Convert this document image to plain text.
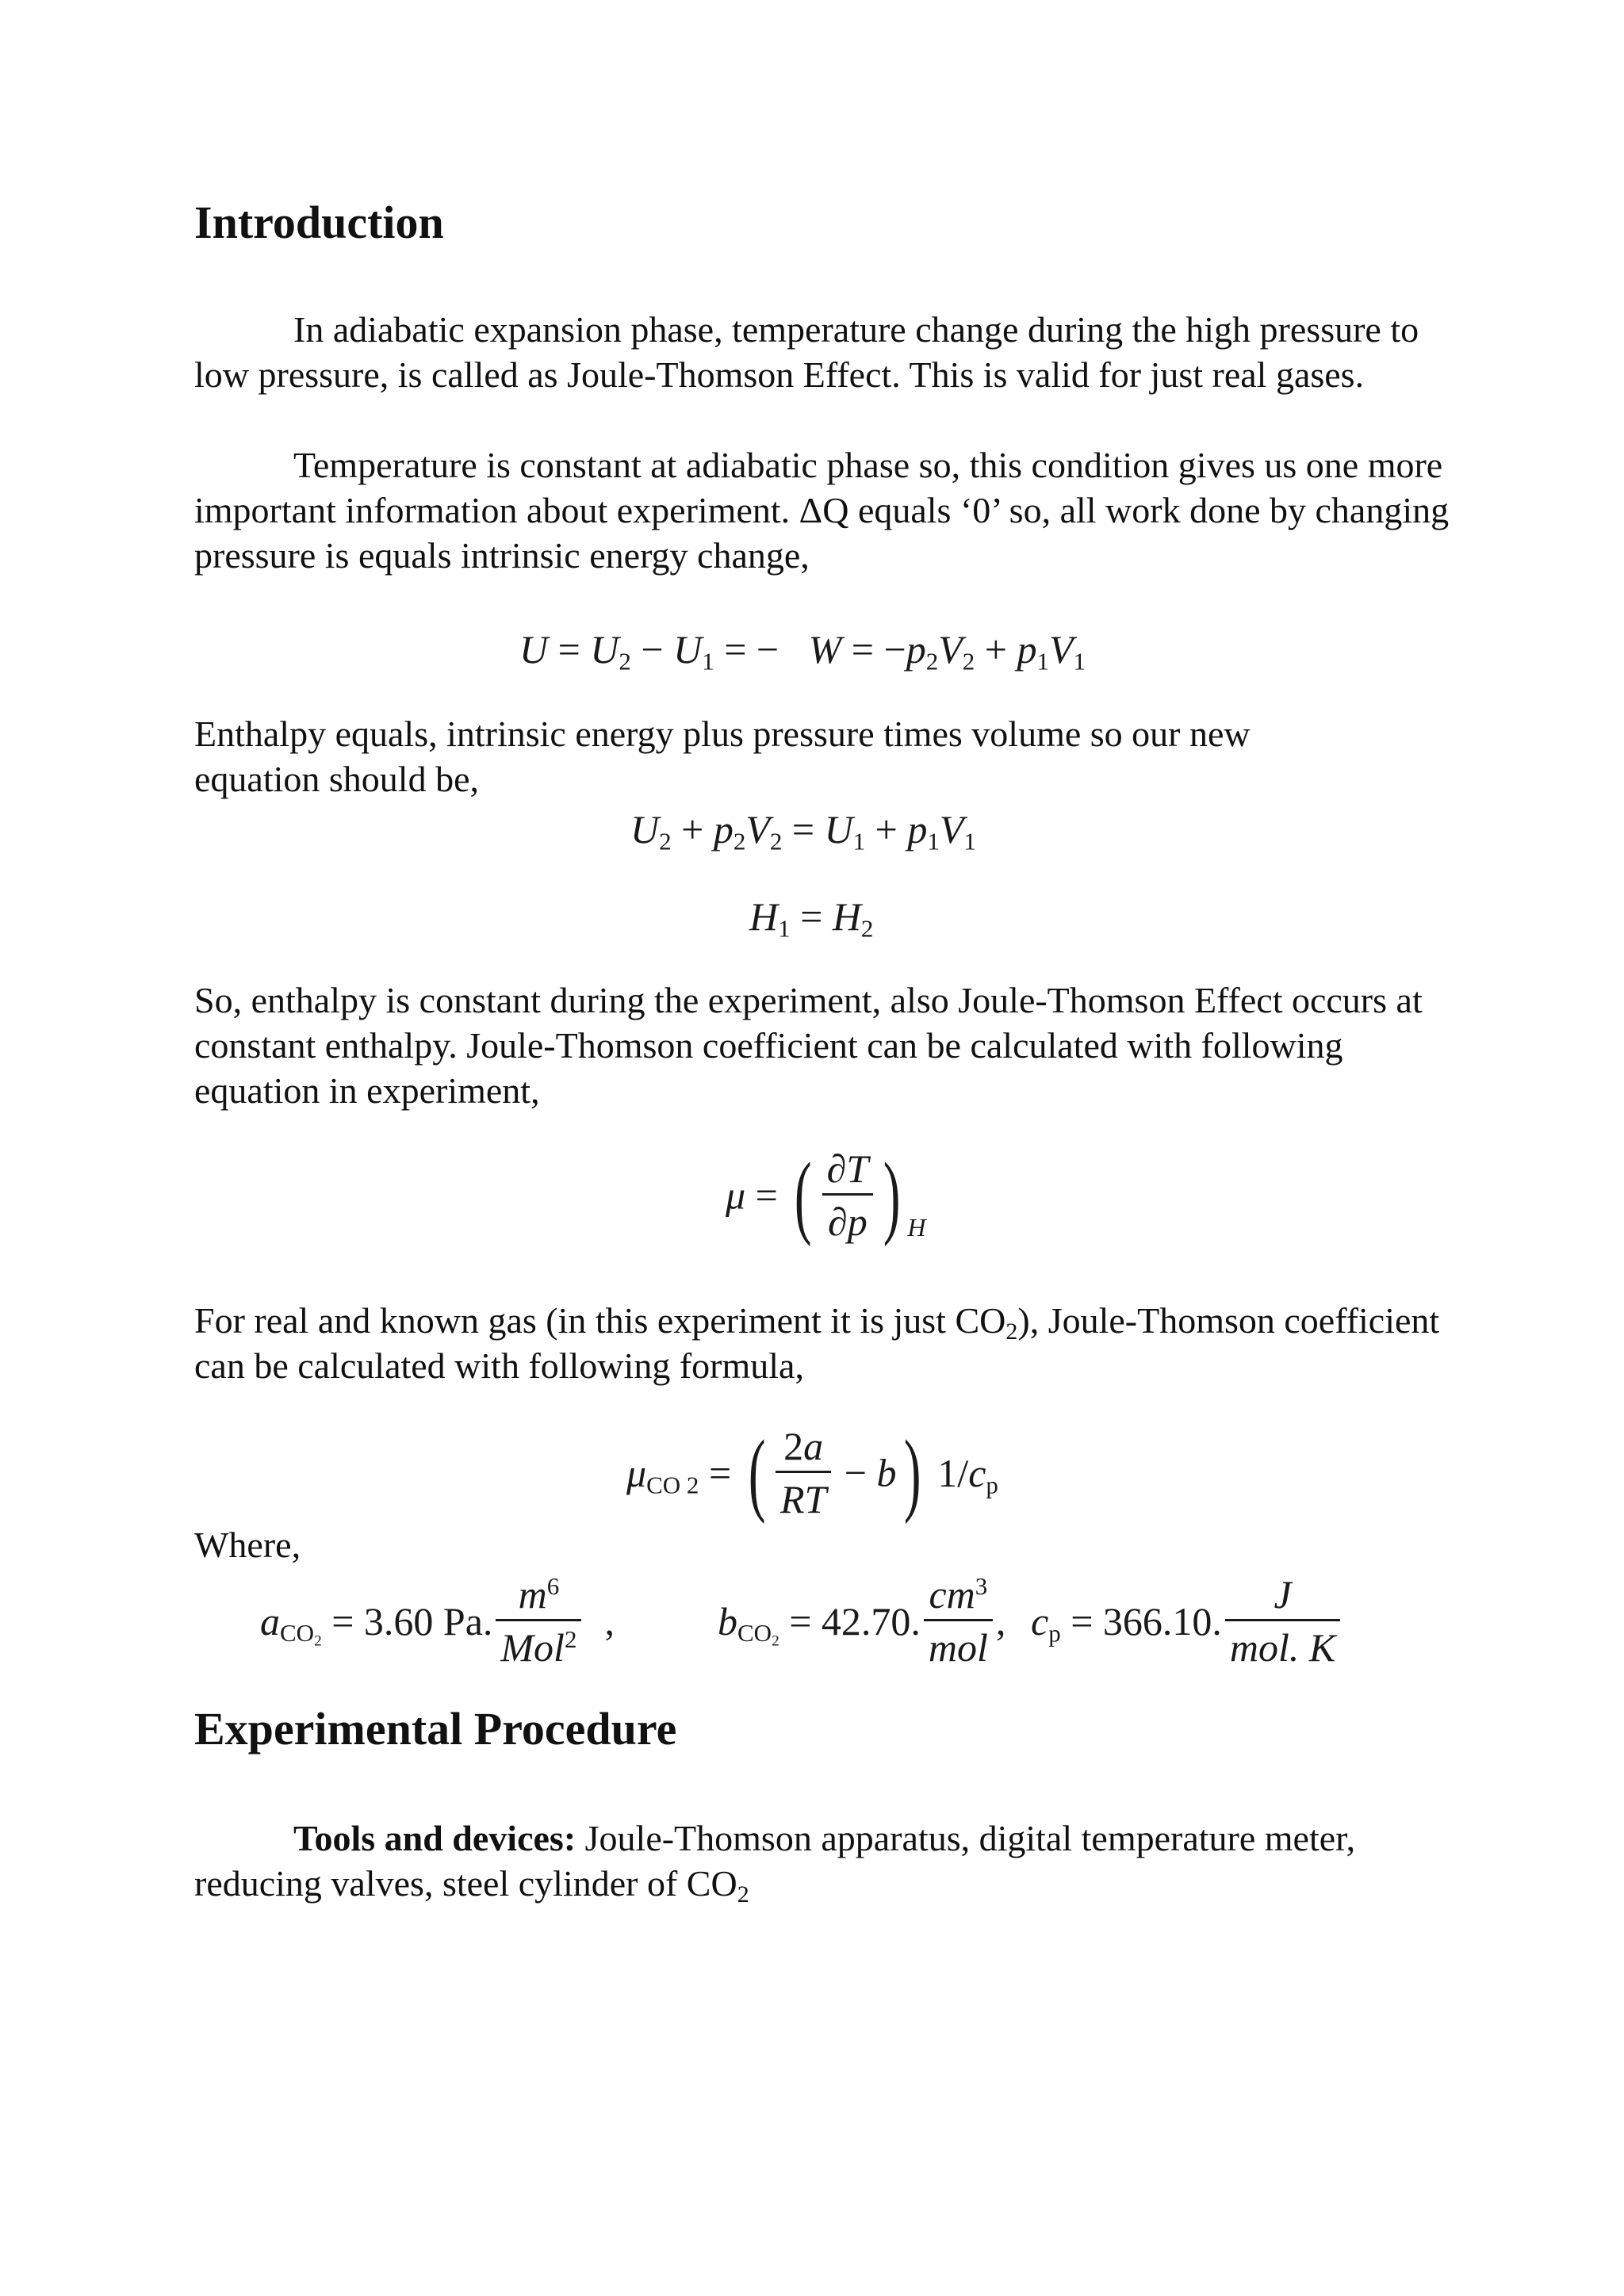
Introduction

In adiabatic expansion phase, temperature change during the high pressure to low pressure, is called as Joule-Thomson Effect. This is valid for just real gases.

Temperature is constant at adiabatic phase so, this condition gives us one more important information about experiment. ΔQ equals ‘0’ so, all work done by changing pressure is equals intrinsic energy change,

$U = U_2 - U_1$ = −   $W = -p_2V_2 + p_1V_1$

Enthalpy equals, intrinsic energy plus pressure times volume so our new equation should be,

$U_2 + p_2V_2 = U_1 + p_1V_1$
$H_1 = H_2$

So, enthalpy is constant during the experiment, also Joule-Thomson Effect occurs at constant enthalpy. Joule-Thomson coefficient can be calculated with following equation in experiment,

μ = ( $\frac{\partial T}{\partial p}$ ) $_H$

For real and known gas (in this experiment it is just $CO_2$), Joule-Thomson coefficient can be calculated with following formula,

$\mu_{CO 2}$ = ( $\frac{2a}{RT} - b$) $1/c_p$

Where,

$a_{CO_2} = 3.60$ Pa. $\frac{m^6}{Mol^2}$ ,	$b_{CO_2} = 42.70$. $\frac{cm^3}{\text{mol}}$ , $c_p = 366.10$. $\frac{J}{\text{mol. K}}$
Experimental Procedure

Tools and devices: Joule-Thomson apparatus, digital temperature meter, reducing valves, steel cylinder of $CO_2$
